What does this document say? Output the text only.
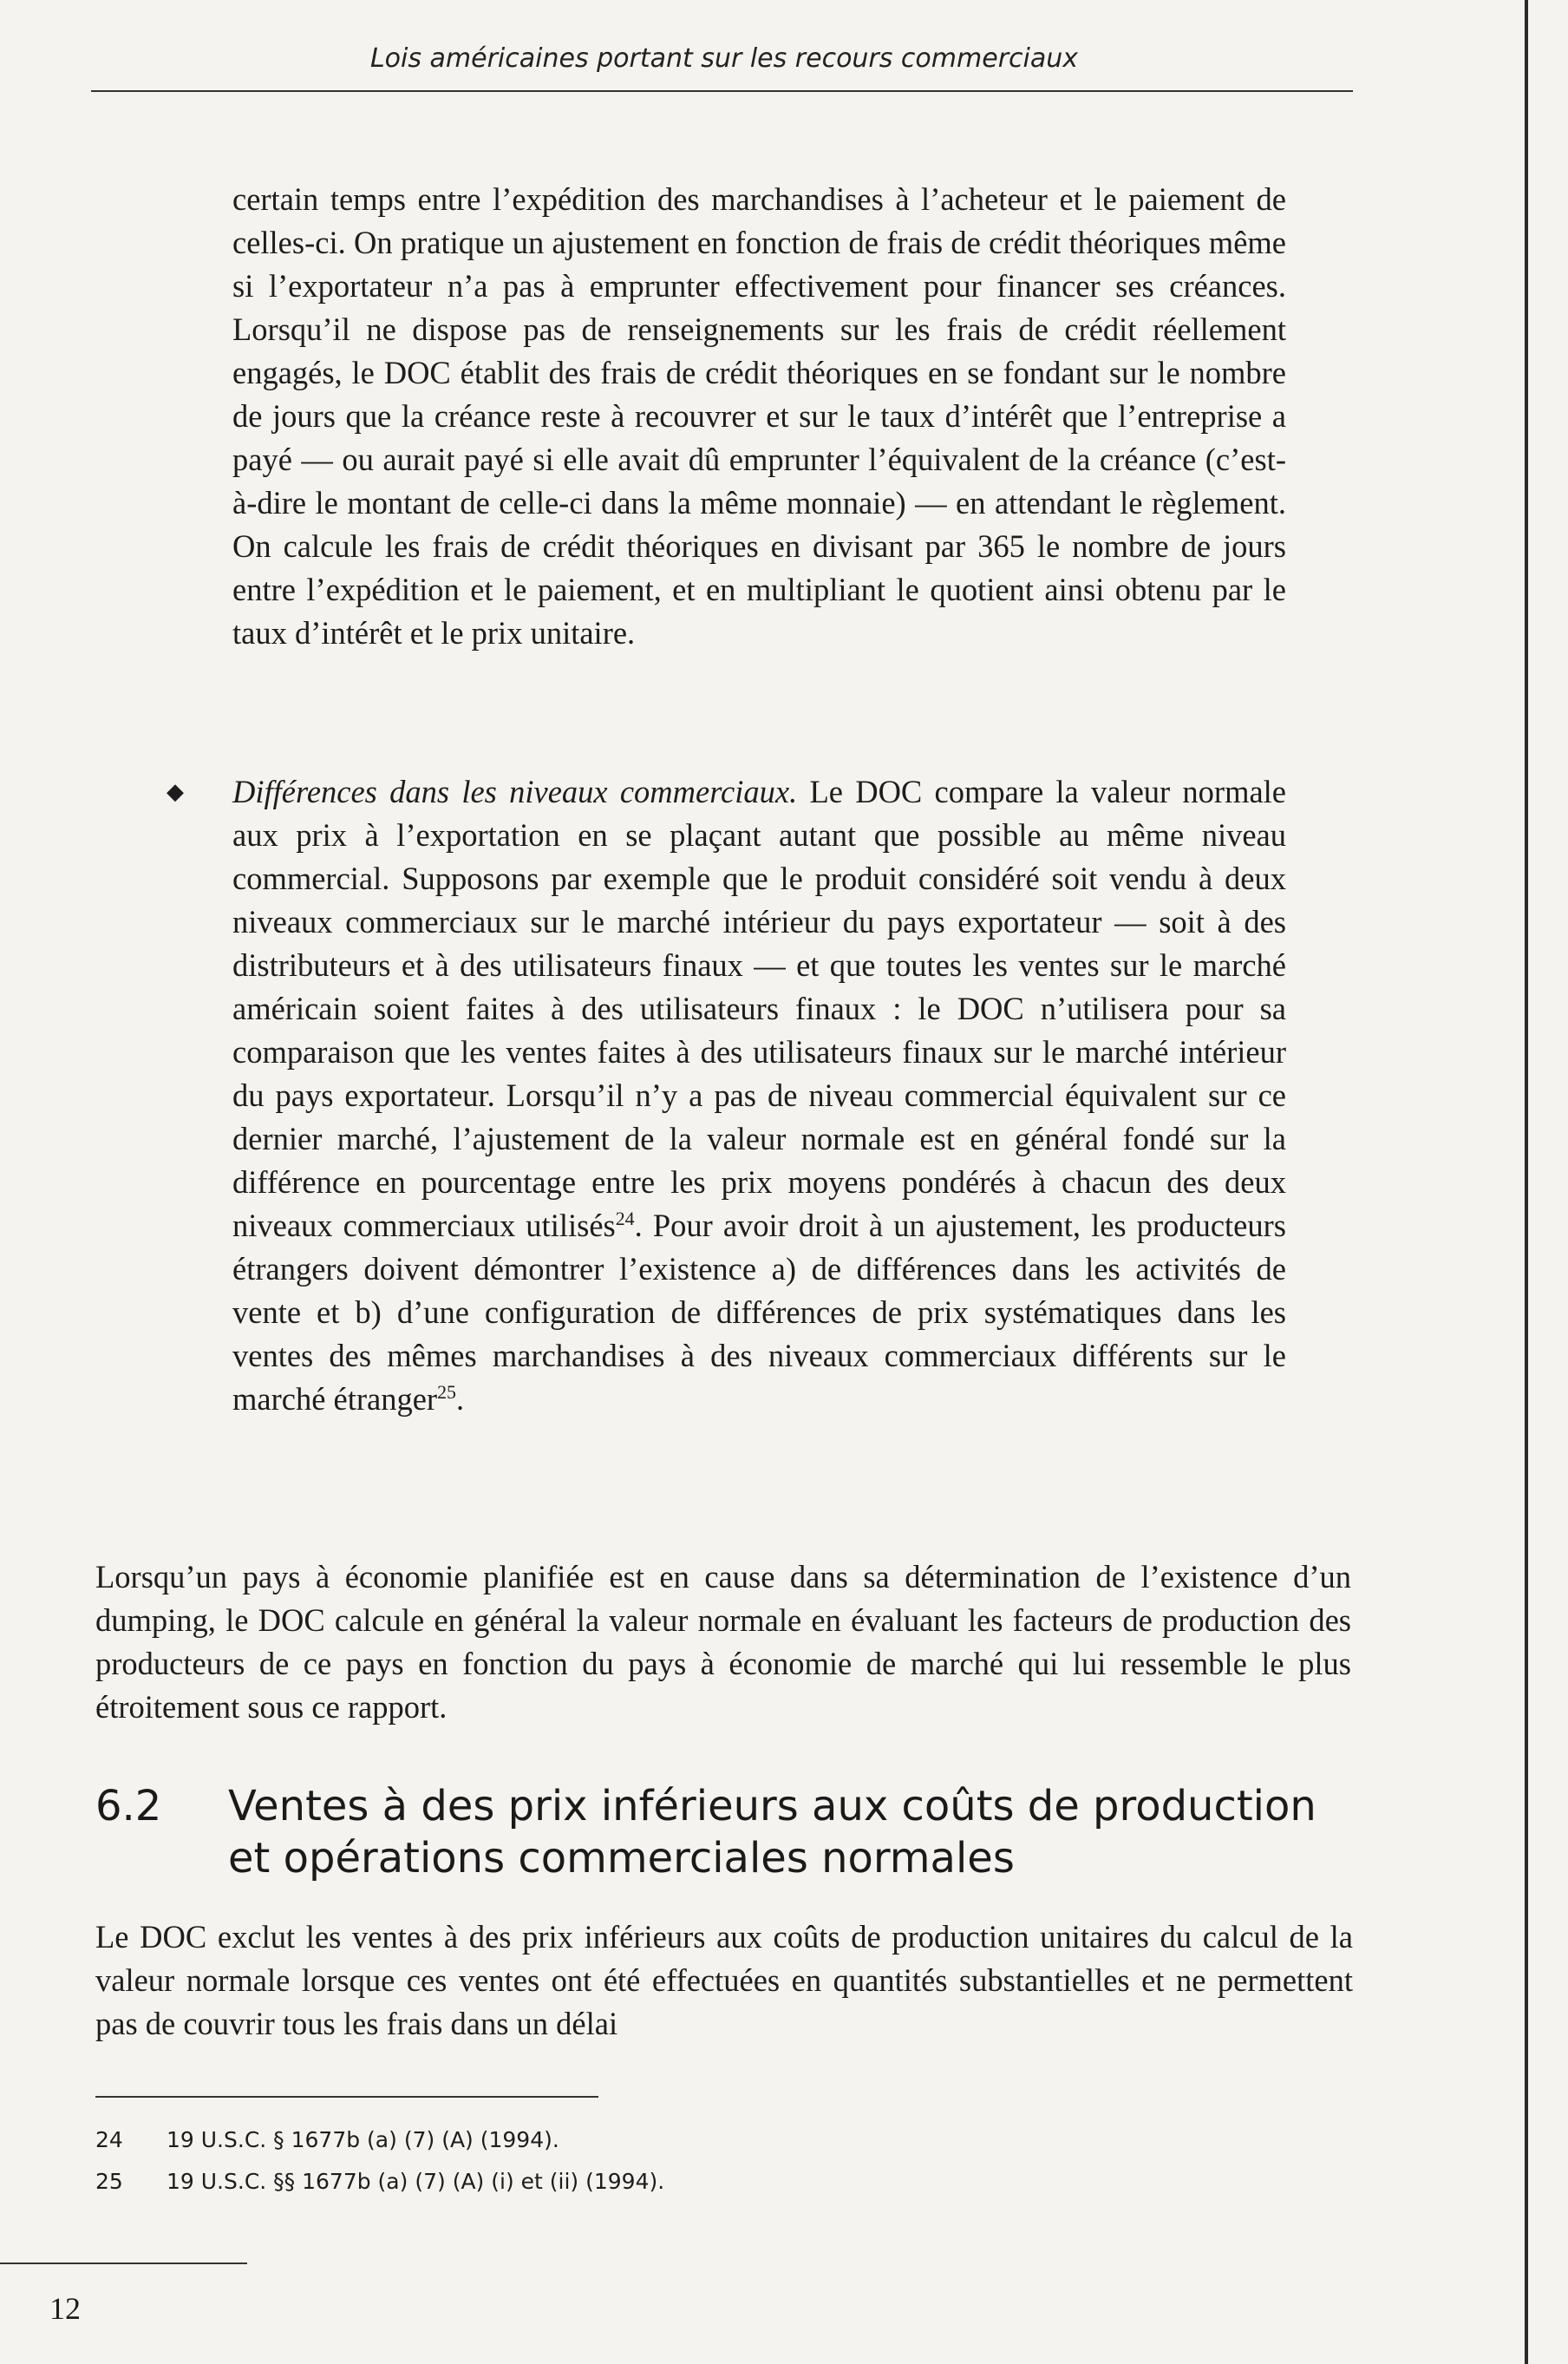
Lois américaines portant sur les recours commerciaux
certain temps entre l’expédition des marchandises à l’acheteur et le paiement de celles-ci. On pratique un ajustement en fonction de frais de crédit théoriques même si l’exportateur n’a pas à emprunter effectivement pour financer ses créances. Lorsqu’il ne dispose pas de renseignements sur les frais de crédit réellement engagés, le DOC établit des frais de crédit théoriques en se fondant sur le nombre de jours que la créance reste à recouvrer et sur le taux d’intérêt que l’entreprise a payé — ou aurait payé si elle avait dû emprunter l’équivalent de la créance (c’est-à-dire le montant de celle-ci dans la même monnaie) — en attendant le règlement. On calcule les frais de crédit théoriques en divisant par 365 le nombre de jours entre l’expédition et le paiement, et en multipliant le quotient ainsi obtenu par le taux d’intérêt et le prix unitaire.
◆ Différences dans les niveaux commerciaux. Le DOC compare la valeur normale aux prix à l’exportation en se plaçant autant que possible au même niveau commercial. Supposons par exemple que le produit considéré soit vendu à deux niveaux commerciaux sur le marché intérieur du pays exportateur — soit à des distributeurs et à des utilisateurs finaux — et que toutes les ventes sur le marché américain soient faites à des utilisateurs finaux : le DOC n’utilisera pour sa comparaison que les ventes faites à des utilisateurs finaux sur le marché intérieur du pays exportateur. Lorsqu’il n’y a pas de niveau commercial équivalent sur ce dernier marché, l’ajustement de la valeur normale est en général fondé sur la différence en pourcentage entre les prix moyens pondérés à chacun des deux niveaux commerciaux utilisés$^{24}$. Pour avoir droit à un ajustement, les producteurs étrangers doivent démontrer l’existence a) de différences dans les activités de vente et b) d’une configuration de différences de prix systématiques dans les ventes des mêmes marchandises à des niveaux commerciaux différents sur le marché étranger$^{25}$.
Lorsqu’un pays à économie planifiée est en cause dans sa détermination de l’existence d’un dumping, le DOC calcule en général la valeur normale en évaluant les facteurs de production des producteurs de ce pays en fonction du pays à économie de marché qui lui ressemble le plus étroitement sous ce rapport.
6.2 Ventes à des prix inférieurs aux coûts de production et opérations commerciales normales
Le DOC exclut les ventes à des prix inférieurs aux coûts de production unitaires du calcul de la valeur normale lorsque ces ventes ont été effectuées en quantités substantielles et ne permettent pas de couvrir tous les frais dans un délai
24 19 U.S.C. § 1677b (a) (7) (A) (1994).
25 19 U.S.C. §§ 1677b (a) (7) (A) (i) et (ii) (1994).
12
